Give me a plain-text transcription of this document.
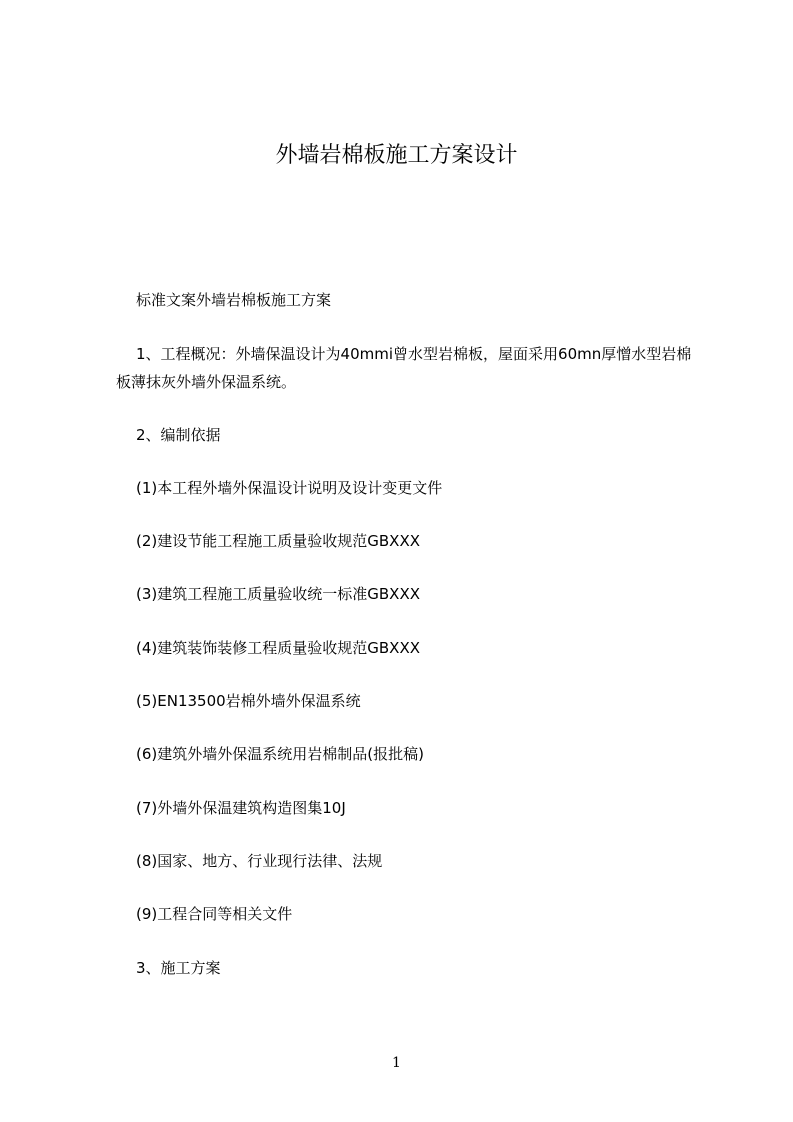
外墙岩棉板施工方案设计
标准文案外墙岩棉板施工方案
1、工程概况：外墙保温设计为40mmi曾水型岩棉板，屋面采用60mn厚憎水型岩棉板薄抹灰外墙外保温系统。
2、编制依据
(1)本工程外墙外保温设计说明及设计变更文件
(2)建设节能工程施工质量验收规范GBXXX
(3)建筑工程施工质量验收统一标准GBXXX
(4)建筑装饰装修工程质量验收规范GBXXX
(5)EN13500岩棉外墙外保温系统
(6)建筑外墙外保温系统用岩棉制品(报批稿)
(7)外墙外保温建筑构造图集10J
(8)国家、地方、行业现行法律、法规
(9)工程合同等相关文件
3、施工方案
1
